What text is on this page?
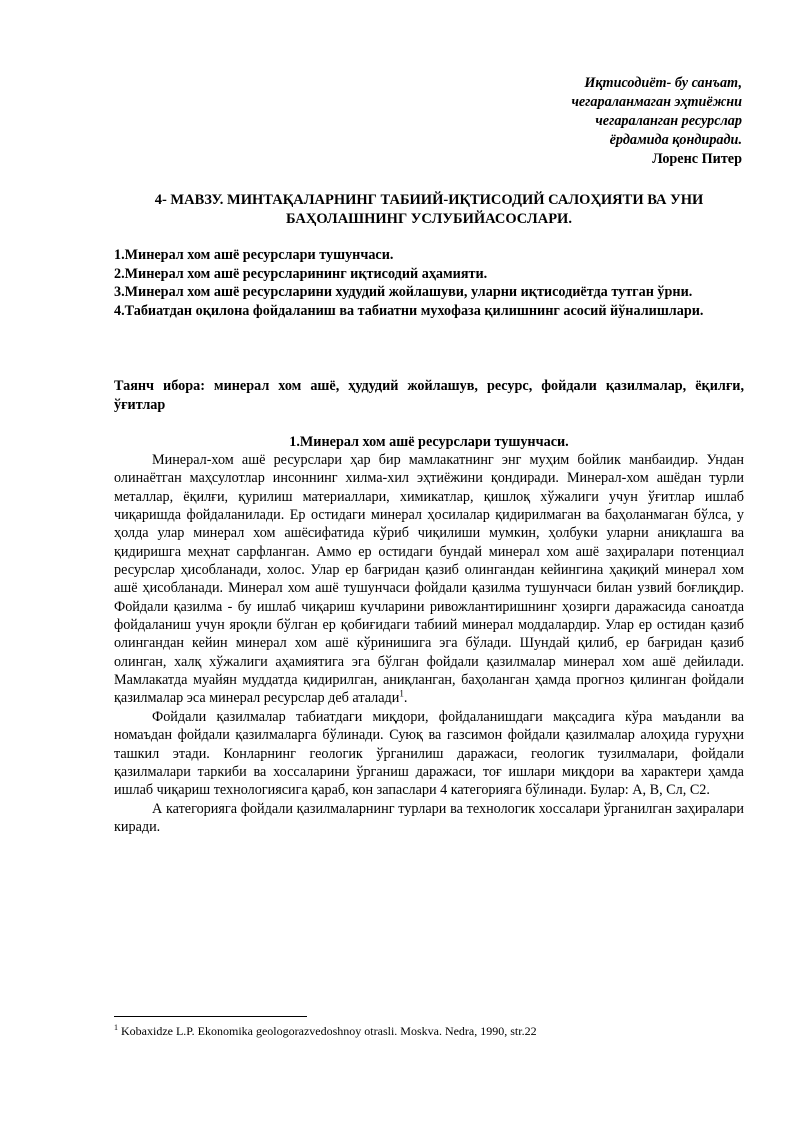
Иқтисодиёт- бу санъат,
чегараланмаган эҳтиёжни
чегараланган ресурслар
ёрдамида қондиради.
Лоренс Питер
4- МАВЗУ. МИНТАҚАЛАРНИНГ ТАБИИЙ-ИҚТИСОДИЙ САЛОҲИЯТИ ВА УНИ
БАҲОЛАШНИНГ УСЛУБИЙАСОСЛАРИ.
1.Минерал хом ашё ресурслари тушунчаси.
2.Минерал хом ашё ресурсларининг иқтисодий аҳамияти.
3.Минерал хом ашё ресурсларини худудий жойлашуви, уларни иқтисодиётда тутган ўрни.
4.Табиатдан оқилона фойдаланиш ва табиатни мухофаза қилишнинг асосий йўналишлари.
Таянч ибора: минерал хом ашё, ҳудудий жойлашув, ресурс, фойдали қазилмалар, ёқилғи, ўғитлар
1.Минерал хом ашё ресурслари тушунчаси.

Минерал-хом ашё ресурслари ҳар бир мамлакатнинг энг муҳим бойлик манбаидир. Ундан олинаётган маҳсулотлар инсоннинг хилма-хил эҳтиёжини қондиради. Минерал-хом ашёдан турли металлар, ёқилғи, қурилиш материаллари, химикатлар, қишлоқ хўжалиги учун ўғитлар ишлаб чиқаришда фойдаланилади. Ер остидаги минерал ҳосилалар қидирилмаган ва баҳоланмаган бўлса, у ҳолда улар минерал хом ашёсифатида кўриб чиқилиши мумкин, ҳолбуки уларни аниқлашга ва қидиришга меҳнат сарфланган. Аммо ер остидаги бундай минерал хом ашё заҳиралари потенциал ресурслар ҳисобланади, холос. Улар ер бағридан қазиб олингандан кейингина ҳақиқий минерал хом ашё ҳисобланади. Минерал хом ашё тушунчаси фойдали қазилма тушунчаси билан узвий боғлиқдир. Фойдали қазилма - бу ишлаб чиқариш кучларини ривожлантиришнинг ҳозирги даражасида саноатда фойдаланиш учун яроқли бўлган ер қобиғидаги табиий минерал моддалардир. Улар ер остидан қазиб олингандан кейин минерал хом ашё кўринишига эга бўлади. Шундай қилиб, ер бағридан қазиб олинган, халқ хўжалиги аҳамиятига эга бўлган фойдали қазилмалар минерал хом ашё дейилади. Мамлакатда муайян муддатда қидирилган, аниқланган, баҳоланган ҳамда прогноз қилинган фойдали қазилмалар эса минерал ресурслар деб аталади$^1$.

Фойдали қазилмалар табиатдаги миқдори, фойдаланишдаги мақсадига кўра маъданли ва номаъдан фойдали қазилмаларга бўлинади. Суюқ ва газсимон фойдали қазилмалар алоҳида гуруҳни ташкил этади. Конларнинг геологик ўрганилиш даражаси, геологик тузилмалари, фойдали қазилмалари таркиби ва хоссаларини ўрганиш даражаси, тоғ ишлари миқдори ва характери ҳамда ишлаб чиқариш технологиясига қараб, кон запаслари 4 категорияга бўлинади. Булар: А, В, Сл, С2.

А категорияга фойдали қазилмаларнинг турлари ва технологик хоссалари ўрганилган заҳиралари киради.

$^1$ Kobaxidze L.P. Ekonomika geologorazvedoshnoy otrasli. Moskva. Nedra, 1990, str.22
